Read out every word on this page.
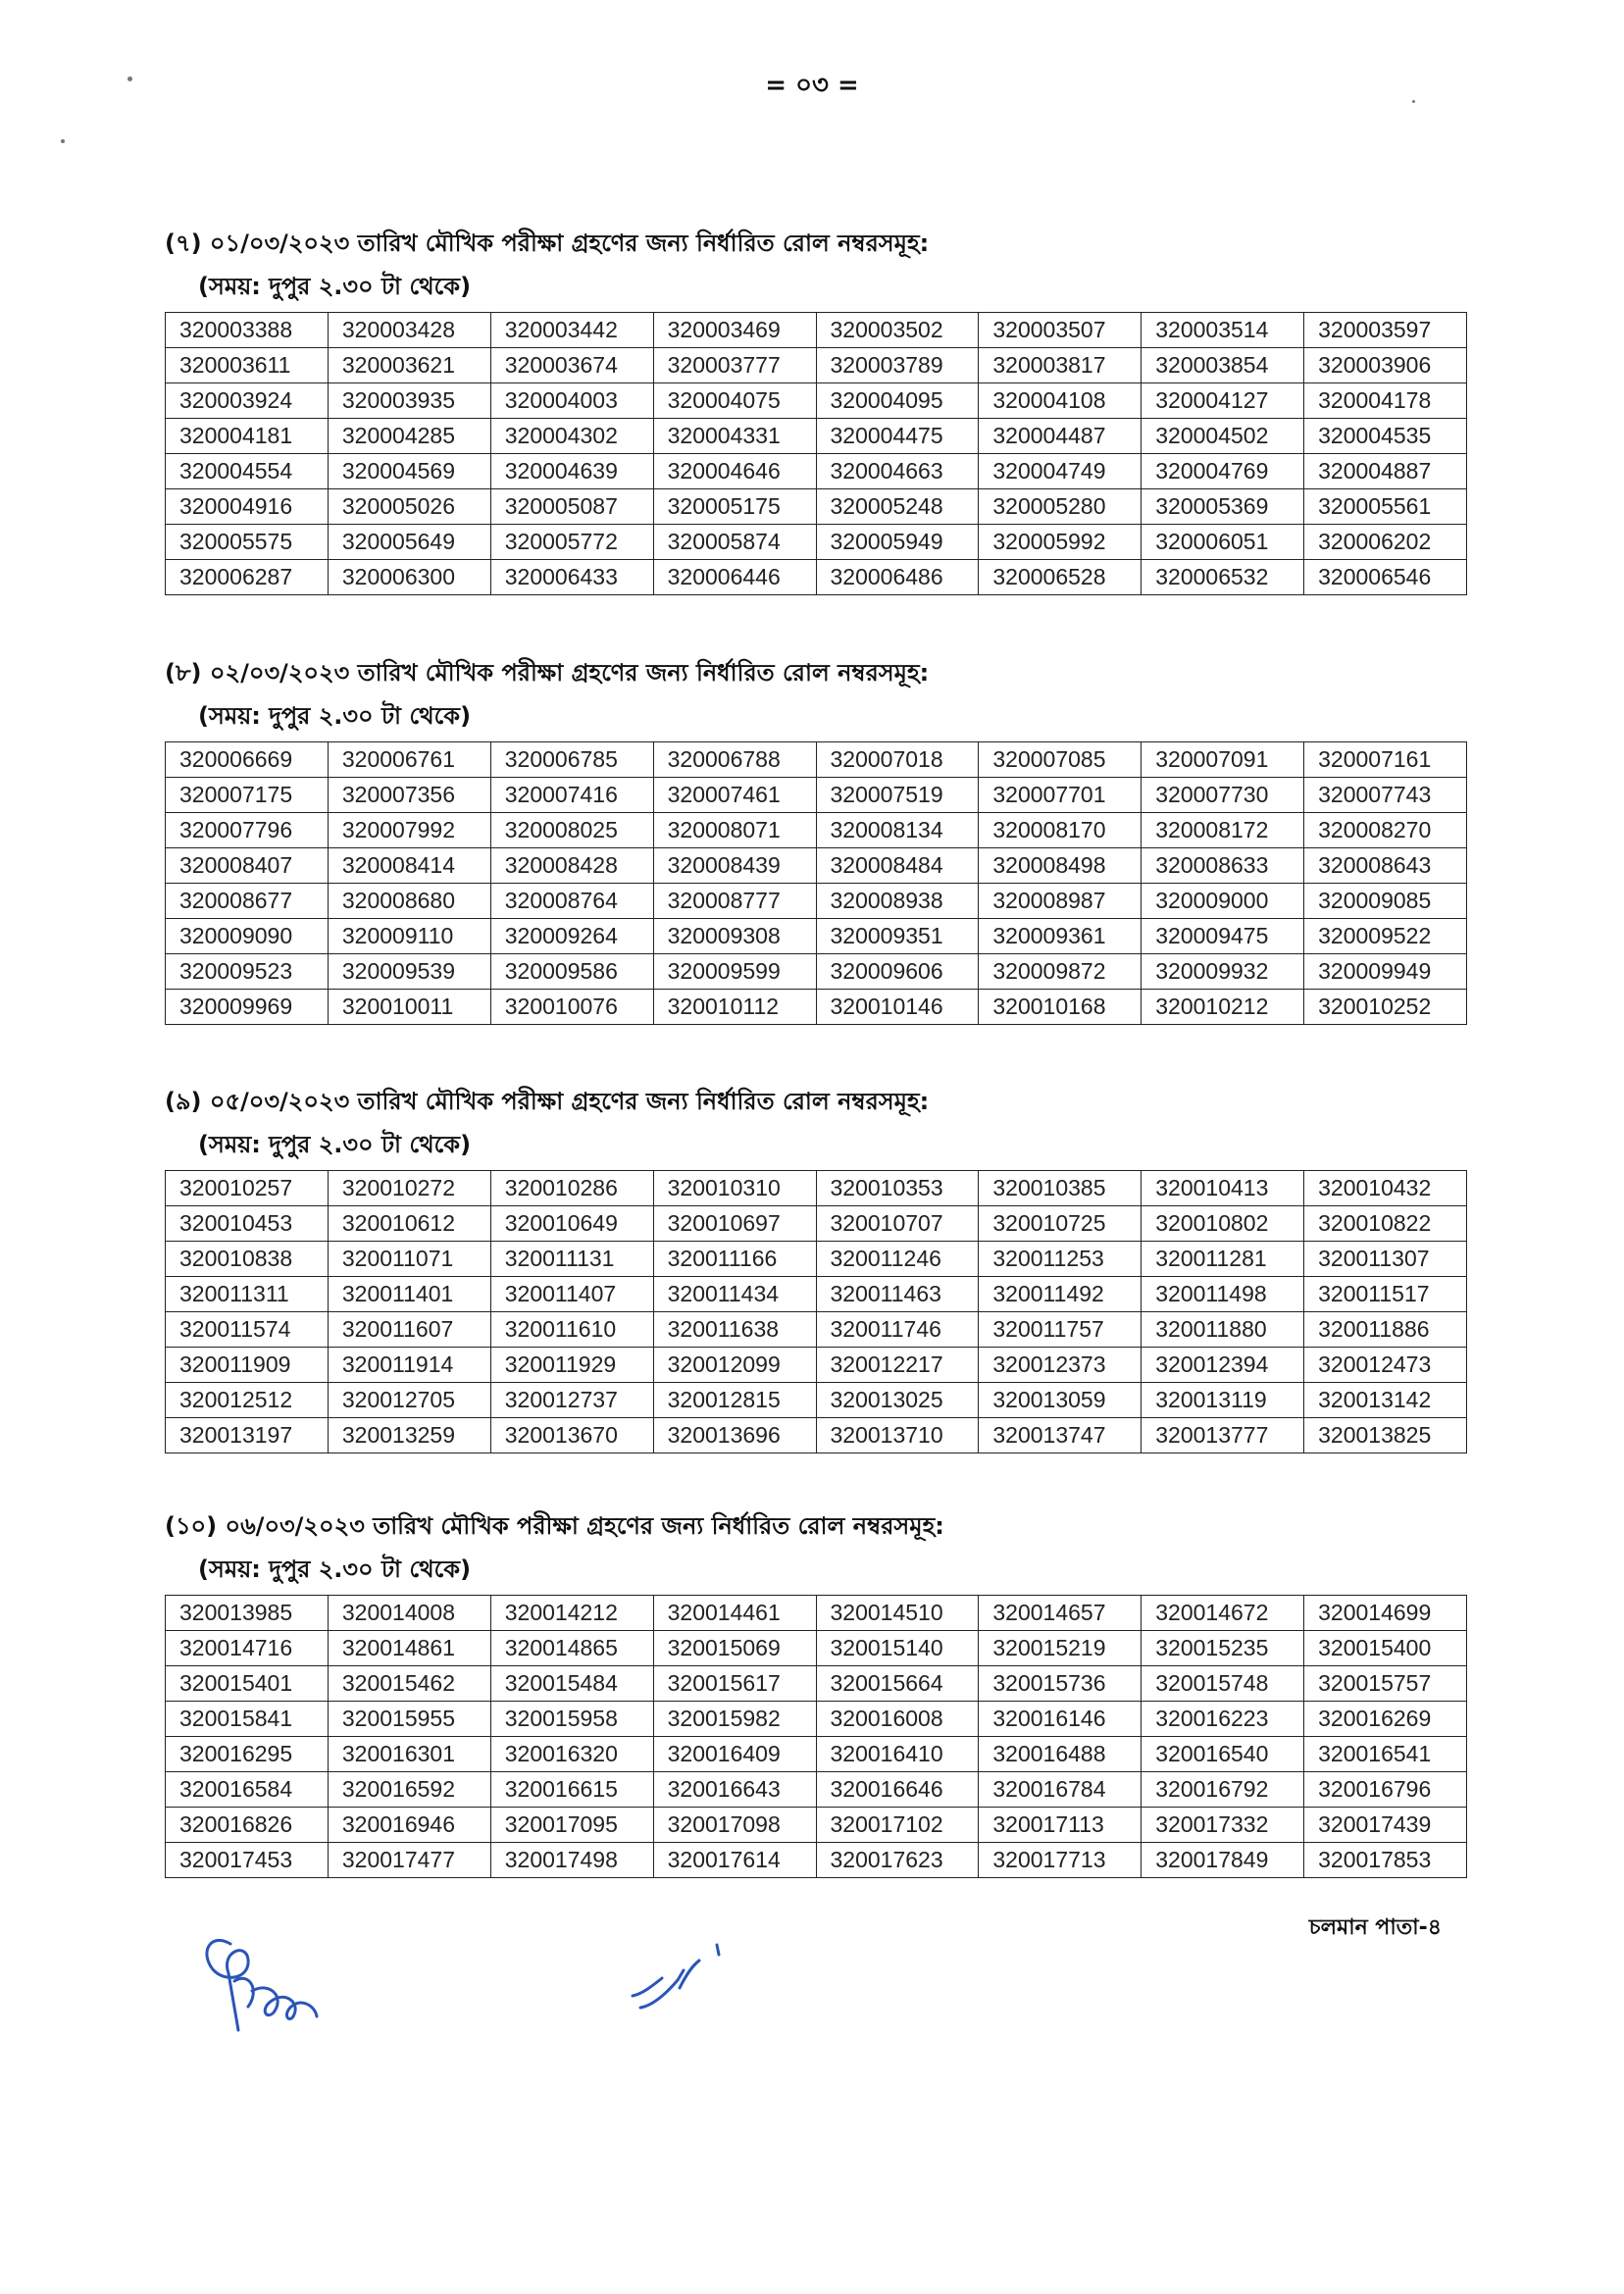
= ০৩ =

(৭) ০১/০৩/২০২৩ তারিখ মৌখিক পরীক্ষা গ্রহণের জন্য নির্ধারিত রোল নম্বরসমূহ:

(সময়: দুপুর ২.৩০ টা থেকে)

320003388	320003428	320003442	320003469	320003502	320003507	320003514	320003597
320003611	320003621	320003674	320003777	320003789	320003817	320003854	320003906
320003924	320003935	320004003	320004075	320004095	320004108	320004127	320004178
320004181	320004285	320004302	320004331	320004475	320004487	320004502	320004535
320004554	320004569	320004639	320004646	320004663	320004749	320004769	320004887
320004916	320005026	320005087	320005175	320005248	320005280	320005369	320005561
320005575	320005649	320005772	320005874	320005949	320005992	320006051	320006202
320006287	320006300	320006433	320006446	320006486	320006528	320006532	320006546

(৮) ০২/০৩/২০২৩ তারিখ মৌখিক পরীক্ষা গ্রহণের জন্য নির্ধারিত রোল নম্বরসমূহ:

(সময়: দুপুর ২.৩০ টা থেকে)

320006669	320006761	320006785	320006788	320007018	320007085	320007091	320007161
320007175	320007356	320007416	320007461	320007519	320007701	320007730	320007743
320007796	320007992	320008025	320008071	320008134	320008170	320008172	320008270
320008407	320008414	320008428	320008439	320008484	320008498	320008633	320008643
320008677	320008680	320008764	320008777	320008938	320008987	320009000	320009085
320009090	320009110	320009264	320009308	320009351	320009361	320009475	320009522
320009523	320009539	320009586	320009599	320009606	320009872	320009932	320009949
320009969	320010011	320010076	320010112	320010146	320010168	320010212	320010252

(৯) ০৫/০৩/২০২৩ তারিখ মৌখিক পরীক্ষা গ্রহণের জন্য নির্ধারিত রোল নম্বরসমূহ:

(সময়: দুপুর ২.৩০ টা থেকে)

320010257	320010272	320010286	320010310	320010353	320010385	320010413	320010432
320010453	320010612	320010649	320010697	320010707	320010725	320010802	320010822
320010838	320011071	320011131	320011166	320011246	320011253	320011281	320011307
320011311	320011401	320011407	320011434	320011463	320011492	320011498	320011517
320011574	320011607	320011610	320011638	320011746	320011757	320011880	320011886
320011909	320011914	320011929	320012099	320012217	320012373	320012394	320012473
320012512	320012705	320012737	320012815	320013025	320013059	320013119	320013142
320013197	320013259	320013670	320013696	320013710	320013747	320013777	320013825

(১০) ০৬/০৩/২০২৩ তারিখ মৌখিক পরীক্ষা গ্রহণের জন্য নির্ধারিত রোল নম্বরসমূহ:

(সময়: দুপুর ২.৩০ টা থেকে)

320013985	320014008	320014212	320014461	320014510	320014657	320014672	320014699
320014716	320014861	320014865	320015069	320015140	320015219	320015235	320015400
320015401	320015462	320015484	320015617	320015664	320015736	320015748	320015757
320015841	320015955	320015958	320015982	320016008	320016146	320016223	320016269
320016295	320016301	320016320	320016409	320016410	320016488	320016540	320016541
320016584	320016592	320016615	320016643	320016646	320016784	320016792	320016796
320016826	320016946	320017095	320017098	320017102	320017113	320017332	320017439
320017453	320017477	320017498	320017614	320017623	320017713	320017849	320017853
চলমান পাতা-৪
